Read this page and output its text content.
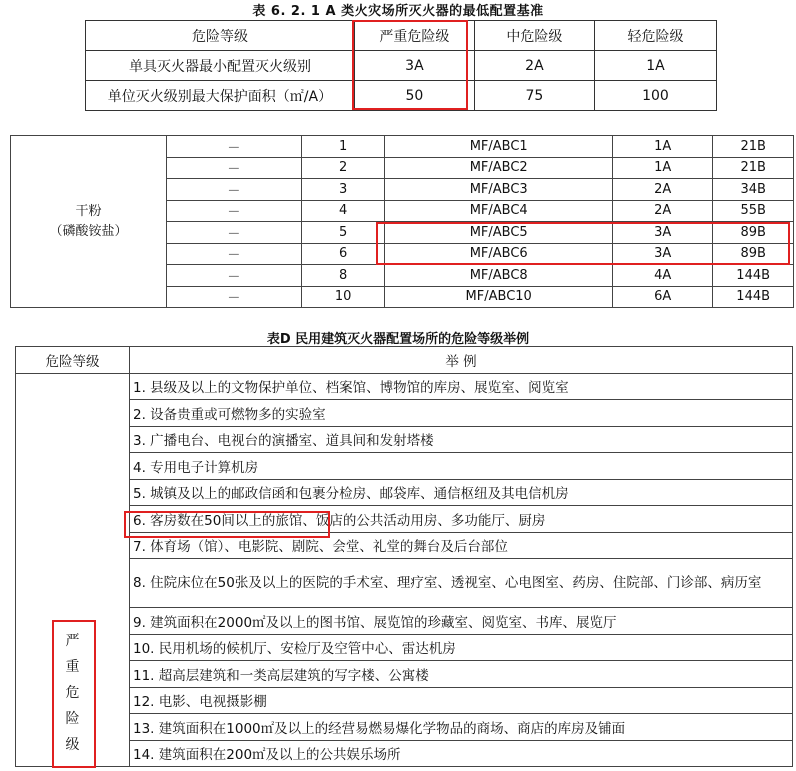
表 6. 2. 1 A 类火灾场所灭火器的最低配置基准
危险等级	严重危险级	中危险级	轻危险级
单具灭火器最小配置灭火级别	3A	2A	1A
单位灭火级别最大保护面积（㎡/A）	50	75	100
干粉
（磷酸铵盐）	－	1	MF/ABC1	1A	21B
	－	2	MF/ABC2	1A	21B
	－	3	MF/ABC3	2A	34B
	－	4	MF/ABC4	2A	55B
	－	5	MF/ABC5	3A	89B
	－	6	MF/ABC6	3A	89B
	－	8	MF/ABC8	4A	144B
	－	10	MF/ABC10	6A	144B
表D 民用建筑灭火器配置场所的危险等级举例
危险等级	举 例

严
重
危
险
级	1. 县级及以上的文物保护单位、档案馆、博物馆的库房、展览室、阅览室
	2. 设备贵重或可燃物多的实验室
	3. 广播电台、电视台的演播室、道具间和发射塔楼
	4. 专用电子计算机房
	5. 城镇及以上的邮政信函和包裹分检房、邮袋库、通信枢纽及其电信机房
	6. 客房数在50间以上的旅馆、饭店的公共活动用房、多功能厅、厨房
	7. 体育场（馆）、电影院、剧院、会堂、礼堂的舞台及后台部位
	8. 住院床位在50张及以上的医院的手术室、理疗室、透视室、心电图室、药房、住院部、门诊部、病历室
	9. 建筑面积在2000㎡及以上的图书馆、展览馆的珍藏室、阅览室、书库、展览厅
	10. 民用机场的候机厅、安检厅及空管中心、雷达机房
	11. 超高层建筑和一类高层建筑的写字楼、公寓楼
	12. 电影、电视摄影棚
	13. 建筑面积在1000㎡及以上的经营易燃易爆化学物品的商场、商店的库房及铺面
	14. 建筑面积在200㎡及以上的公共娱乐场所
